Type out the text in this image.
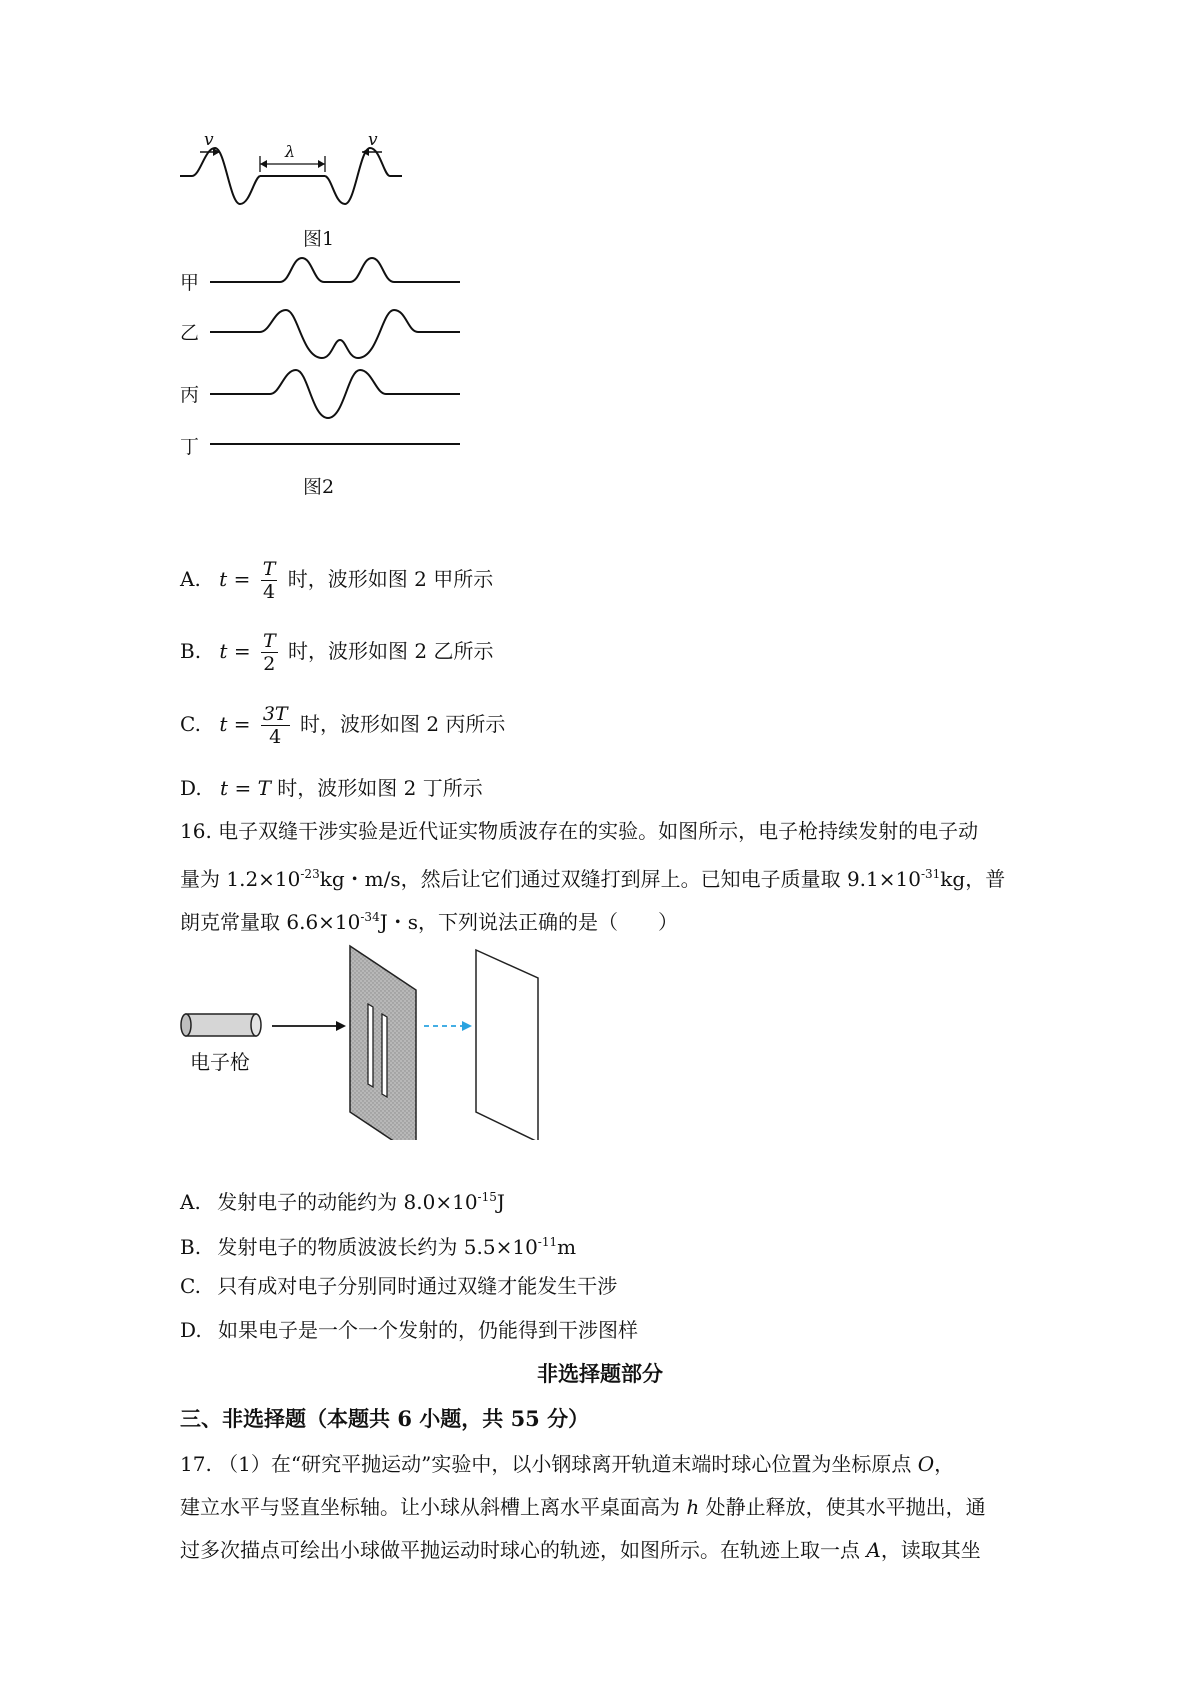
v	v
λ
图1
甲
乙
丙
丁
图2
A. $t = \frac{T}{4}$ 时，波形如图 2 甲所示
B. $t = \frac{T}{2}$ 时，波形如图 2 乙所示
C. $t = \frac{3T}{4}$ 时，波形如图 2 丙所示
D. t = T 时，波形如图 2 丁所示
16. 电子双缝干涉实验是近代证实物质波存在的实验。如图所示，电子枪持续发射的电子动
量为 $1.2\times 10^{-23}kg$・m/s，然后让它们通过双缝打到屏上。已知电子质量取 $9.1\times 10^{-31}kg$，普
朗克常量取 $6.6\times 10^{-34}J$・s，下列说法正确的是（　　）
电子枪
A. 发射电子的动能约为 $8.0\times 10^{-15}J$
B. 发射电子的物质波波长约为 $5.5\times 10^{-11}m$
C. 只有成对电子分别同时通过双缝才能发生干涉
D. 如果电子是一个一个发射的，仍能得到干涉图样
非选择题部分
三、非选择题（本题共 6 小题，共 55 分）
17. （1）在“研究平抛运动”实验中，以小钢球离开轨道末端时球心位置为坐标原点 O，
建立水平与竖直坐标轴。让小球从斜槽上离水平桌面高为 h 处静止释放，使其水平抛出，通
过多次描点可绘出小球做平抛运动时球心的轨迹，如图所示。在轨迹上取一点 A，读取其坐
